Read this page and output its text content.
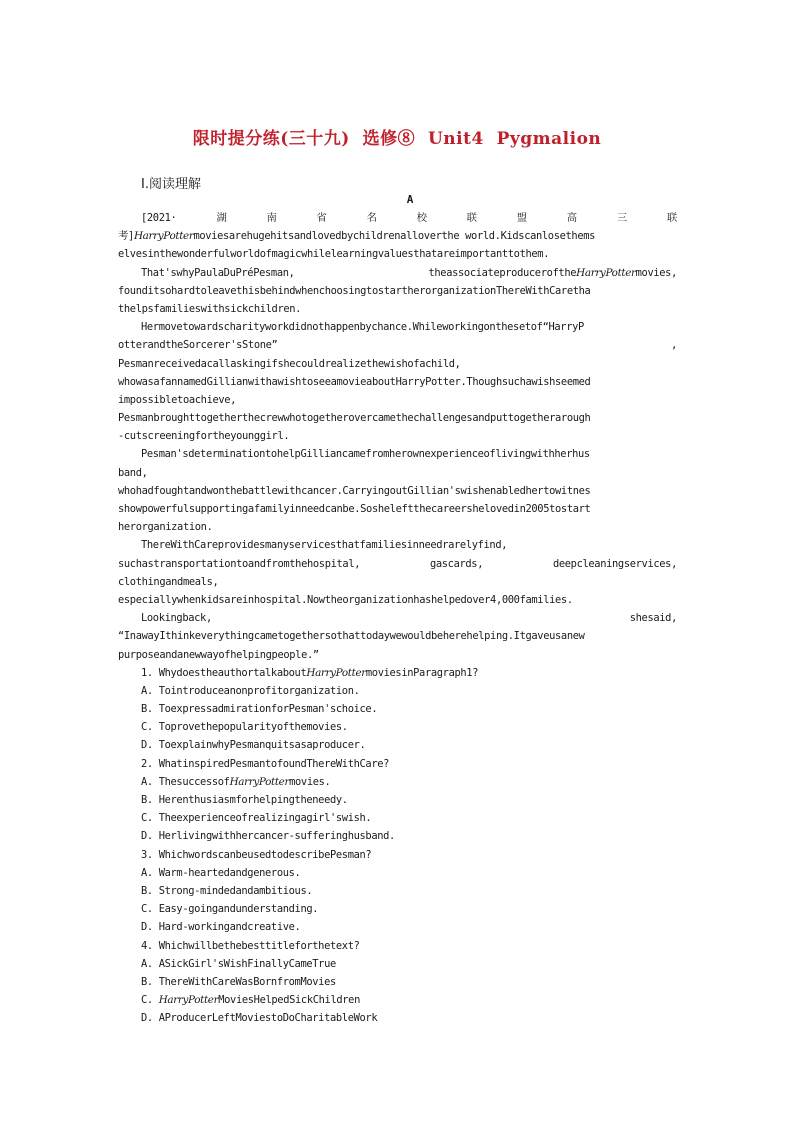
限时提分练(三十九)  选修⑧  Unit4  Pygmalion
Ⅰ.阅读理解
A
[2021·	湖	南	省	名	校	联	盟	高	三	联
考]HarryPottermoviesarehugehitsandlovedbychildrenalloverthe world.Kidscanlosethems
elvesinthewonderfulworldofmagicwhilelearningvaluesthatareimportanttothem.
That'swhyPaulaDuPréPesman,	theassociateproduceroftheHarryPottermovies,
founditsohardtoleavethisbehindwhenchoosingtostartherorganizationThereWithCaretha
thelpsfamilieswithsickchildren.
Hermovetowardscharityworkdidnothappenbychance.Whileworkingonthesetof“HarryP
otterandtheSorcerer'sStone”	,
Pesmanreceivedacallaskingifshecouldrealizethewishofachild,
whowasafannamedGillianwithawishtoseeamovieaboutHarryPotter.Thoughsuchawishseemed
impossibletoachieve,
Pesmanbroughttogetherthecrewwhotogetherovercamethechallengesandputtogetherarough
-cutscreeningfortheyounggirl.
Pesman'sdeterminationtohelpGilliancamefromherownexperienceoflivingwithherhus
band,
whohadfoughtandwonthebattlewithcancer.CarryingoutGillian'swishenabledhertowitnes
showpowerfulsupportingafamilyinneedcanbe.Sosheleftthecareershelovedin2005tostart
herorganization.
ThereWithCareprovidesmanyservicesthatfamiliesinneedrarelyfind,
suchastransportationtoandfromthehospital,	gascards,	deepcleaningservices,
clothingandmeals,
especiallywhenkidsareinhospital.Nowtheorganizationhashelpedover4,000families.
Lookingback,	shesaid,
“InawayIthinkeverythingcametogethersothattodaywewouldbeherehelping.Itgaveusanew
purposeandanewwayofhelpingpeople.”
1. WhydoestheauthortalkaboutHarryPottermoviesinParagraph1?
A. Tointroduceanonprofitorganization.
B. ToexpressadmirationforPesman'schoice.
C. Toprovethepopularityofthemovies.
D. ToexplainwhyPesmanquitsasaproducer.
2. WhatinspiredPesmantofoundThereWithCare?
A. ThesuccessofHarryPottermovies.
B. Herenthusiasmforhelpingtheneedy.
C. Theexperienceofrealizingagirl'swish.
D. Herlivingwithhercancer-sufferinghusband.
3. WhichwordscanbeusedtodescribePesman?
A. Warm-heartedandgenerous.
B. Strong-mindedandambitious.
C. Easy-goingandunderstanding.
D. Hard-workingandcreative.
4. Whichwillbethebesttitleforthetext?
A. ASickGirl'sWishFinallyCameTrue
B. ThereWithCareWasBornfromMovies
C. HarryPotterMoviesHelpedSickChildren
D. AProducerLeftMoviestoDoCharitableWork
